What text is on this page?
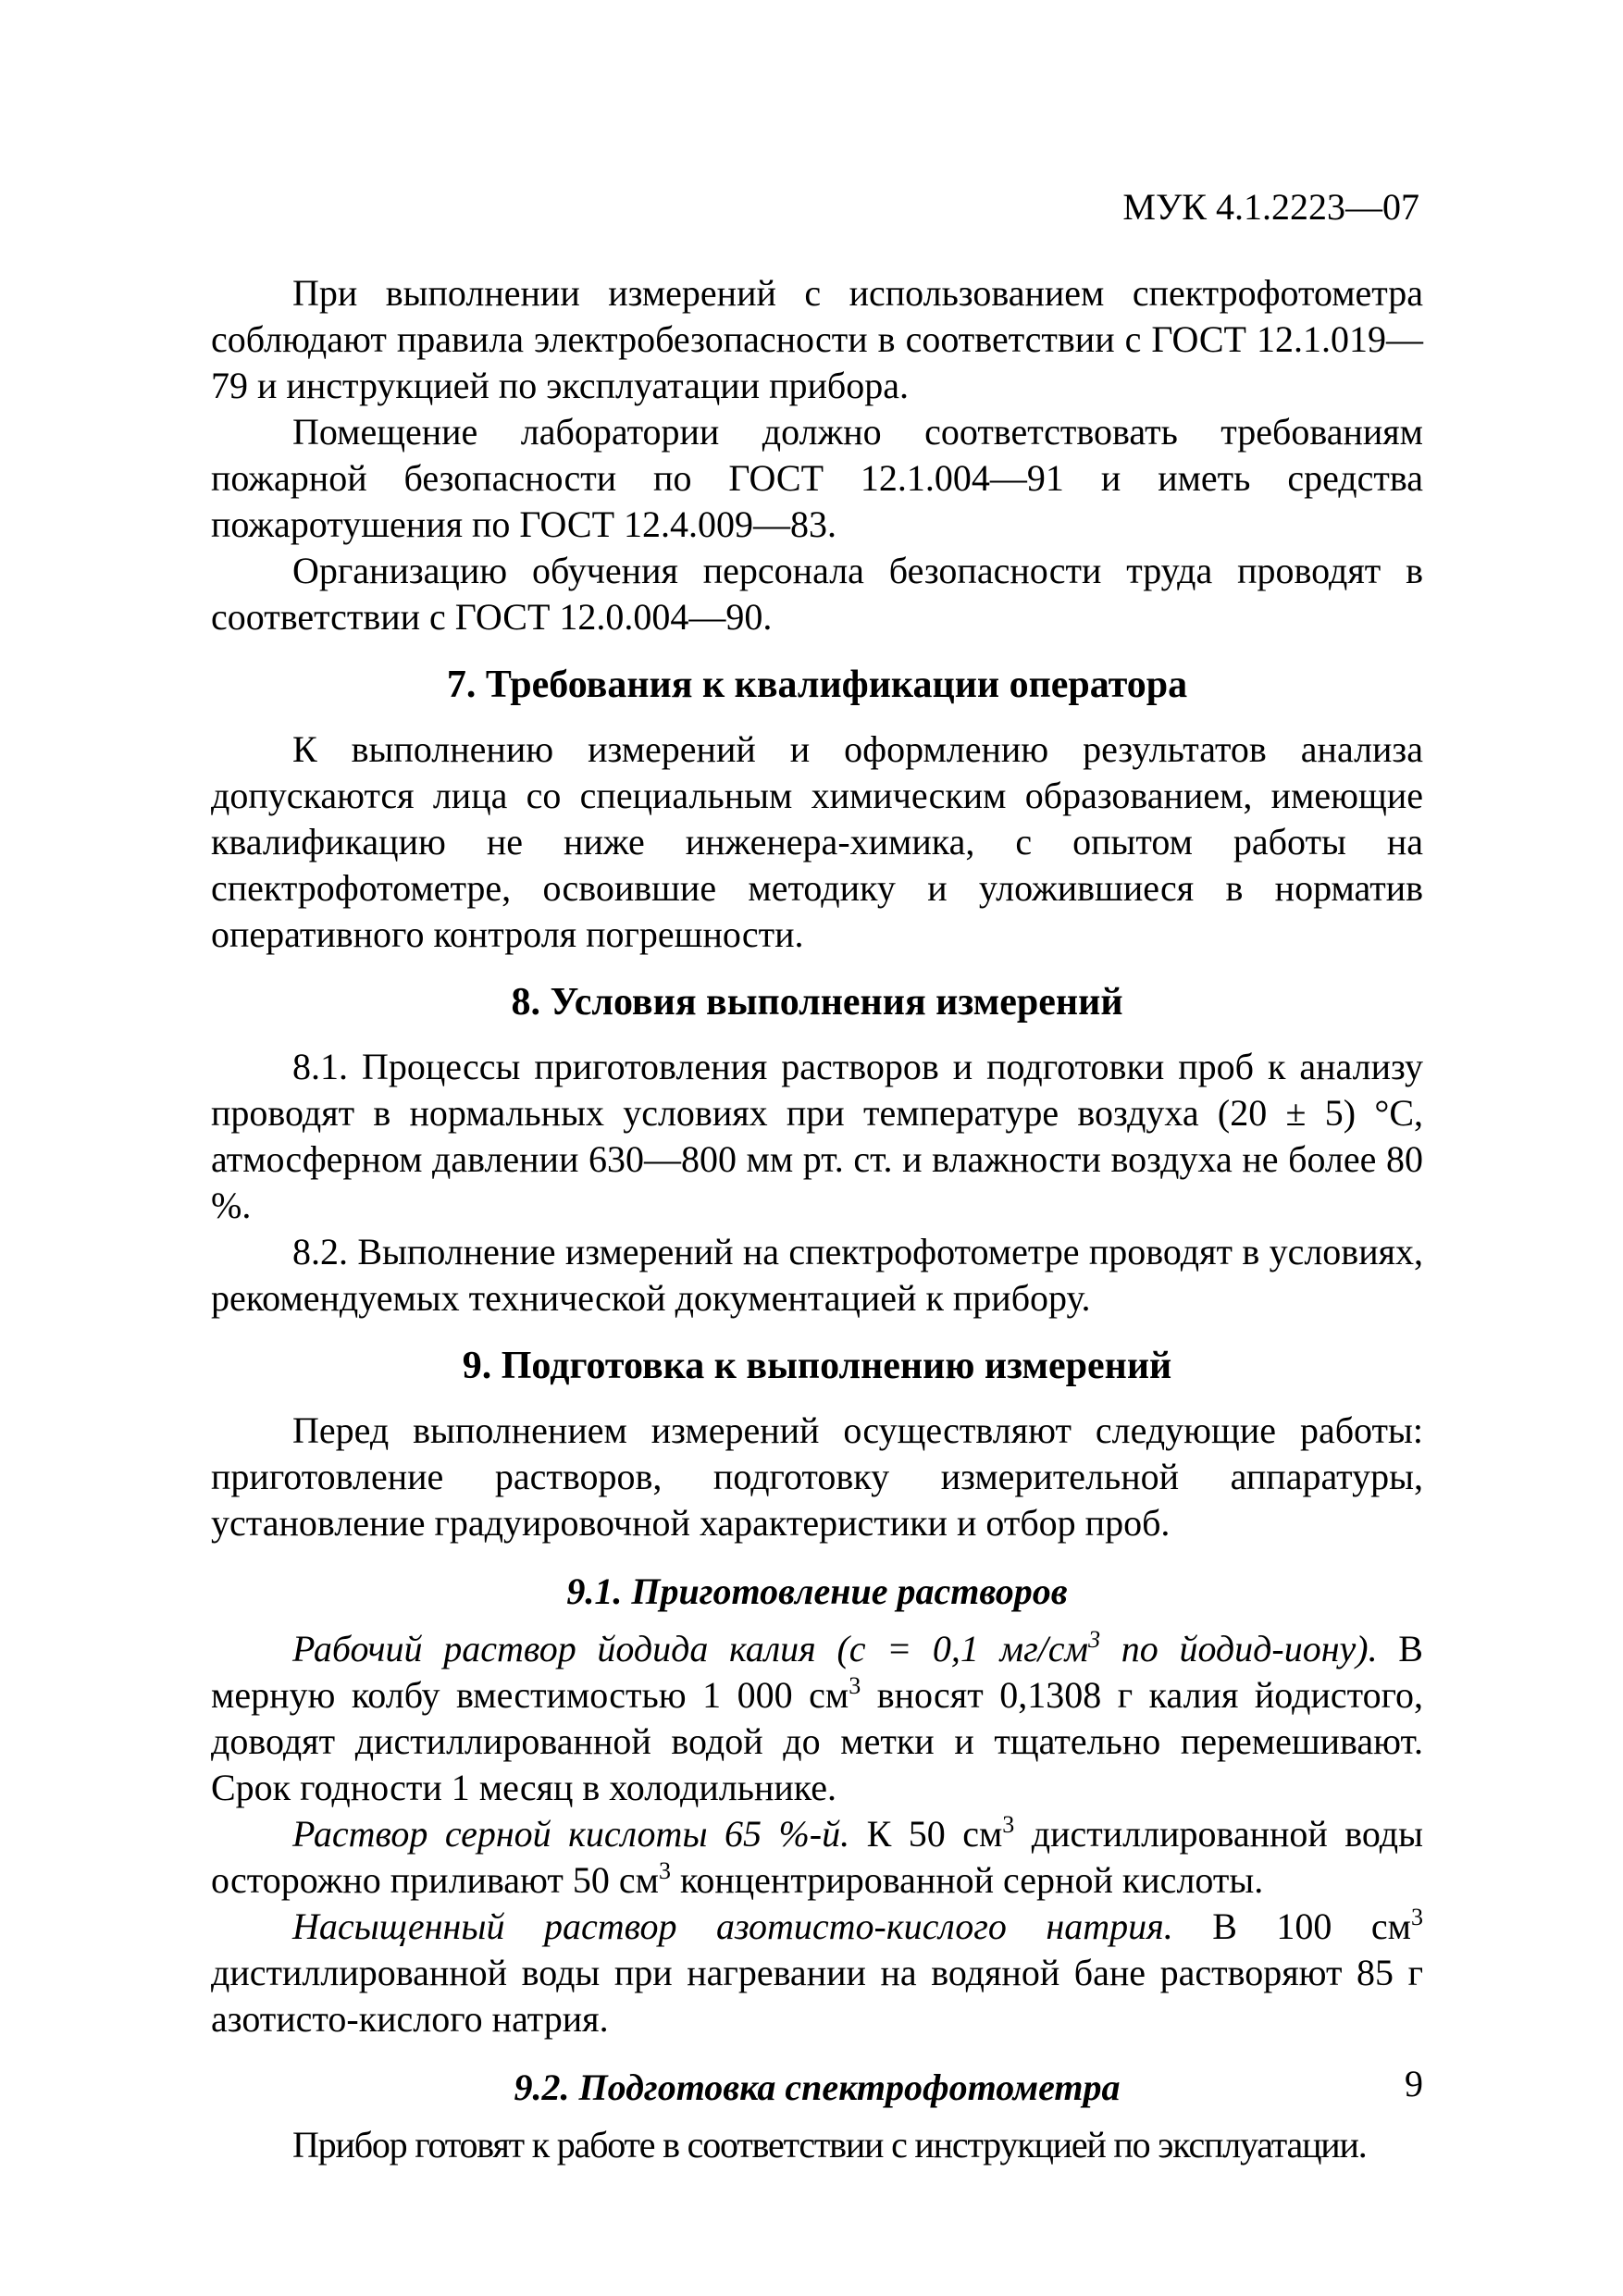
МУК 4.1.2223—07

При выполнении измерений с использованием спектрофотометра соблюдают правила электробезопасности в соответствии с ГОСТ 12.1.019—79 и инструкцией по эксплуатации прибора.

Помещение лаборатории должно соответствовать требованиям пожарной безопасности по ГОСТ 12.1.004—91 и иметь средства пожаротушения по ГОСТ 12.4.009—83.

Организацию обучения персонала безопасности труда проводят в соответствии с ГОСТ 12.0.004—90.

7. Требования к квалификации оператора

К выполнению измерений и оформлению результатов анализа допускаются лица со специальным химическим образованием, имеющие квалификацию не ниже инженера-химика, с опытом работы на спектрофотометре, освоившие методику и уложившиеся в норматив оперативного контроля погрешности.

8. Условия выполнения измерений

8.1. Процессы приготовления растворов и подготовки проб к анализу проводят в нормальных условиях при температуре воздуха (20 ± 5) °С, атмосферном давлении 630—800 мм рт. ст. и влажности воздуха не более 80 %.

8.2. Выполнение измерений на спектрофотометре проводят в условиях, рекомендуемых технической документацией к прибору.

9. Подготовка к выполнению измерений

Перед выполнением измерений осуществляют следующие работы: приготовление растворов, подготовку измерительной аппаратуры, установление градуировочной характеристики и отбор проб.

9.1. Приготовление растворов

Рабочий раствор йодида калия (с = 0,1 $мг/см^3$ по йодид-иону). В мерную колбу вместимостью 1 000 $см^3$ вносят 0,1308 г калия йодистого, доводят дистиллированной водой до метки и тщательно перемешивают. Срок годности 1 месяц в холодильнике.

Раствор серной кислоты 65 %-й. К 50 $см^3$ дистиллированной воды осторожно приливают 50 $см^3$ концентрированной серной кислоты.

Насыщенный раствор азотисто-кислого натрия. В 100 $см^3$ дистиллированной воды при нагревании на водяной бане растворяют 85 г азотисто-кислого натрия.

9.2. Подготовка спектрофотометра

Прибор готовят к работе в соответствии с инструкцией по эксплуатации.

9
